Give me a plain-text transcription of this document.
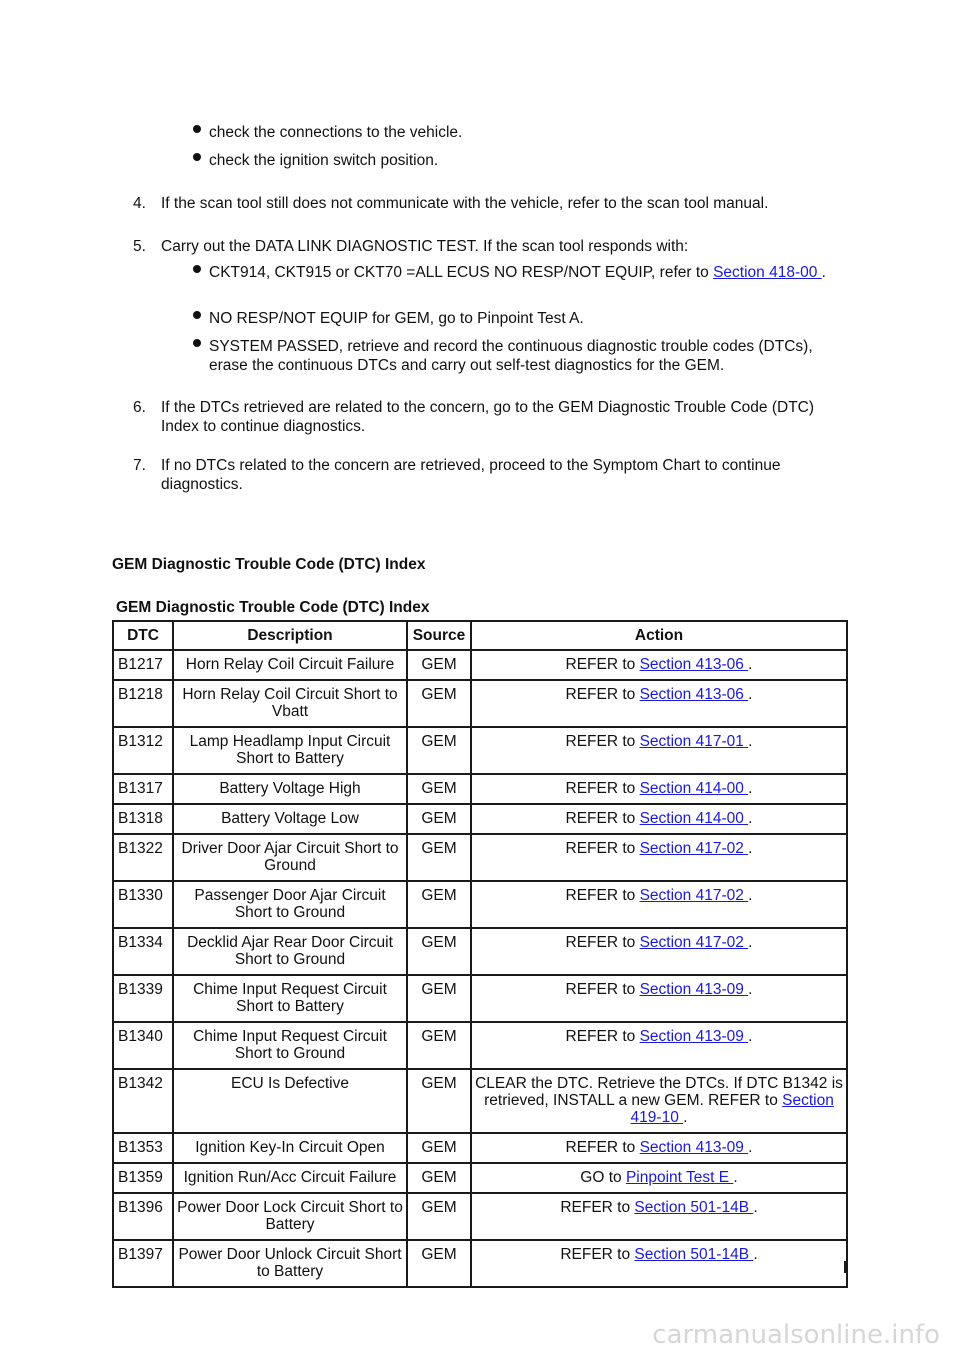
check the connections to the vehicle.
check the ignition switch position.
4. If the scan tool still does not communicate with the vehicle, refer to the scan tool manual.
5. Carry out the DATA LINK DIAGNOSTIC TEST. If the scan tool responds with:
CKT914, CKT915 or CKT70 =ALL ECUS NO RESP/NOT EQUIP, refer to Section 418-00 .
NO RESP/NOT EQUIP for GEM, go to Pinpoint Test A.
SYSTEM PASSED, retrieve and record the continuous diagnostic trouble codes (DTCs), erase the continuous DTCs and carry out self-test diagnostics for the GEM.
6. If the DTCs retrieved are related to the concern, go to the GEM Diagnostic Trouble Code (DTC) Index to continue diagnostics.
7. If no DTCs related to the concern are retrieved, proceed to the Symptom Chart to continue diagnostics.
GEM Diagnostic Trouble Code (DTC) Index
GEM Diagnostic Trouble Code (DTC) Index
DTC	Description	Source	Action
B1217	Horn Relay Coil Circuit Failure	GEM	REFER to Section 413-06 .
B1218	Horn Relay Coil Circuit Short to Vbatt	GEM	REFER to Section 413-06 .
B1312	Lamp Headlamp Input Circuit Short to Battery	GEM	REFER to Section 417-01 .
B1317	Battery Voltage High	GEM	REFER to Section 414-00 .
B1318	Battery Voltage Low	GEM	REFER to Section 414-00 .
B1322	Driver Door Ajar Circuit Short to Ground	GEM	REFER to Section 417-02 .
B1330	Passenger Door Ajar Circuit Short to Ground	GEM	REFER to Section 417-02 .
B1334	Decklid Ajar Rear Door Circuit Short to Ground	GEM	REFER to Section 417-02 .
B1339	Chime Input Request Circuit Short to Battery	GEM	REFER to Section 413-09 .
B1340	Chime Input Request Circuit Short to Ground	GEM	REFER to Section 413-09 .
B1342	ECU Is Defective	GEM	CLEAR the DTC. Retrieve the DTCs. If DTC B1342 is retrieved, INSTALL a new GEM. REFER to Section 419-10 .
B1353	Ignition Key-In Circuit Open	GEM	REFER to Section 413-09 .
B1359	Ignition Run/Acc Circuit Failure	GEM	GO to Pinpoint Test E .
B1396	Power Door Lock Circuit Short to Battery	GEM	REFER to Section 501-14B .
B1397	Power Door Unlock Circuit Short to Battery	GEM	REFER to Section 501-14B .
carmanualsonline.info
